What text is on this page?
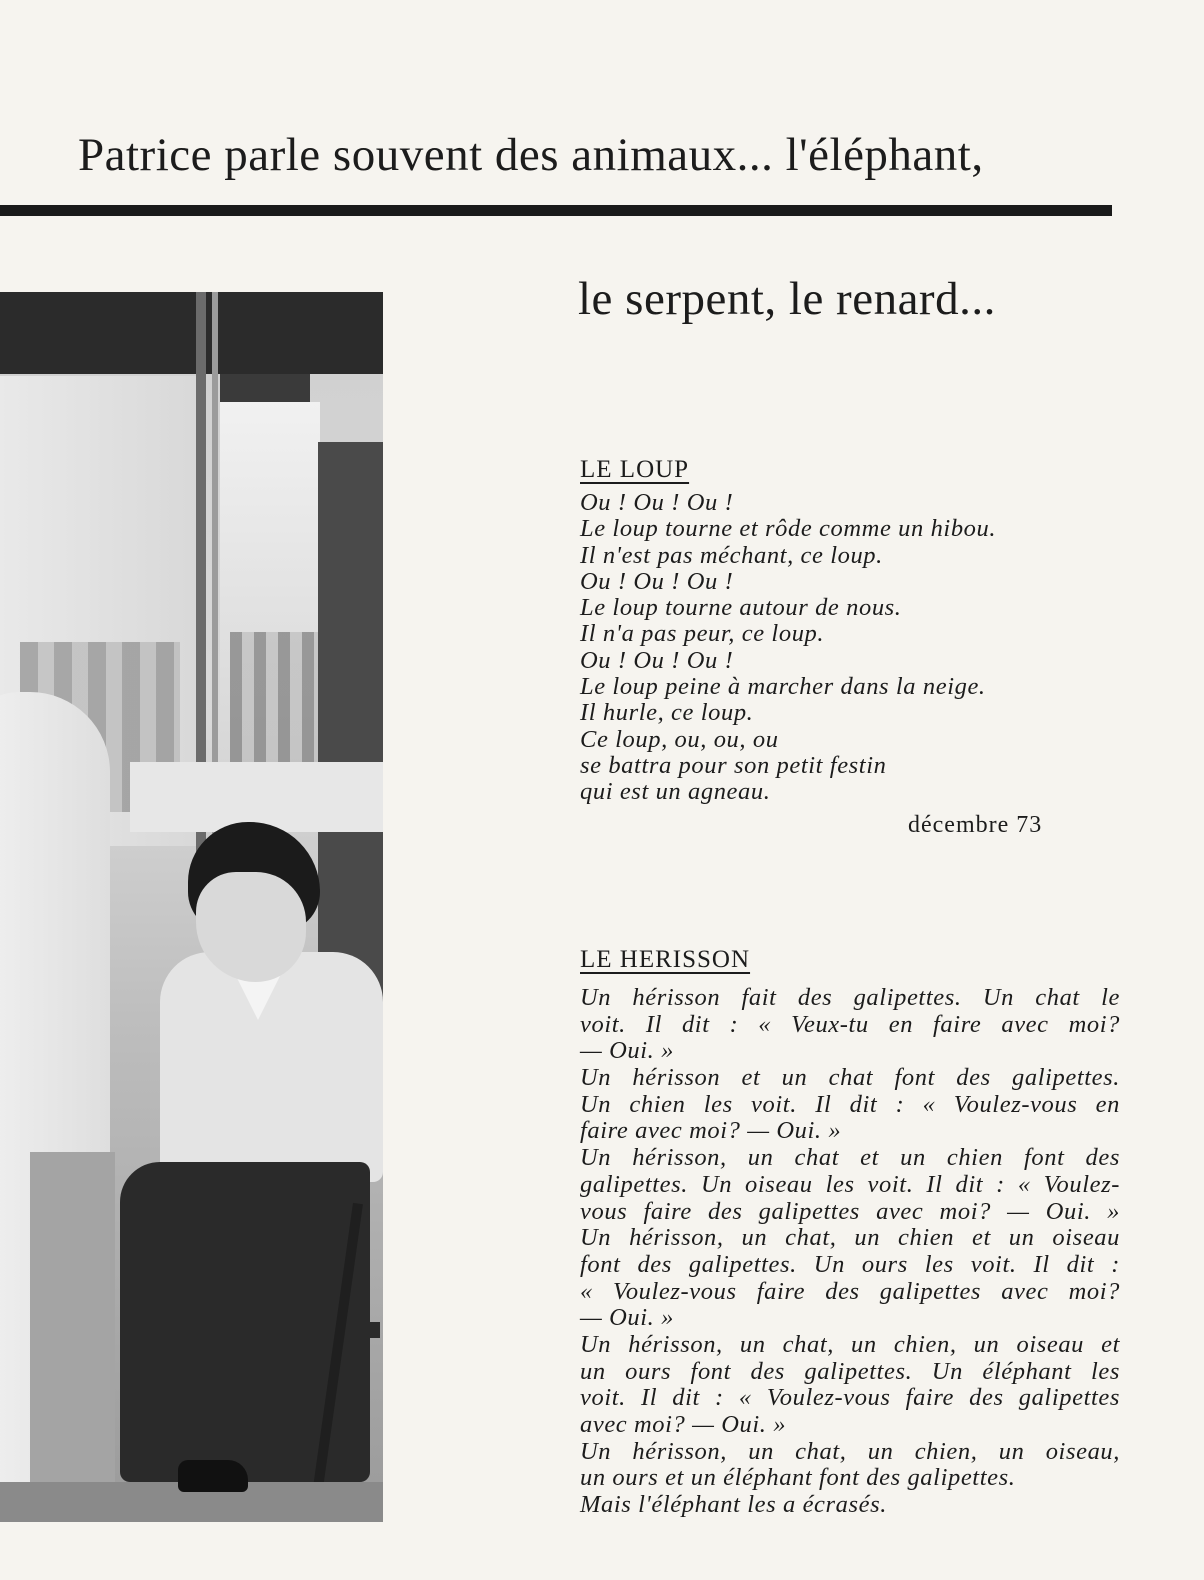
Patrice parle souvent des animaux... l'éléphant,
le serpent, le renard...
LE LOUP
Ou ! Ou ! Ou !
Le loup tourne et rôde comme un hibou.
Il n'est pas méchant, ce loup.
Ou ! Ou ! Ou !
Le loup tourne autour de nous.
Il n'a pas peur, ce loup.
Ou ! Ou ! Ou !
Le loup peine à marcher dans la neige.
Il hurle, ce loup.
Ce loup, ou, ou, ou
se battra pour son petit festin
qui est un agneau.
décembre 73
LE HERISSON
Un hérisson fait des galipettes. Un chat le
voit. Il dit : « Veux-tu en faire avec moi?
— Oui. »
Un hérisson et un chat font des galipettes.
Un chien les voit. Il dit : « Voulez-vous en
faire avec moi? — Oui. »
Un hérisson, un chat et un chien font des
galipettes. Un oiseau les voit. Il dit : « Voulez-
vous faire des galipettes avec moi? — Oui. »
Un hérisson, un chat, un chien et un oiseau
font des galipettes. Un ours les voit. Il dit :
« Voulez-vous faire des galipettes avec moi?
— Oui. »
Un hérisson, un chat, un chien, un oiseau et
un ours font des galipettes. Un éléphant les
voit. Il dit : « Voulez-vous faire des galipettes
avec moi? — Oui. »
Un hérisson, un chat, un chien, un oiseau,
un ours et un éléphant font des galipettes.
Mais l'éléphant les a écrasés.
